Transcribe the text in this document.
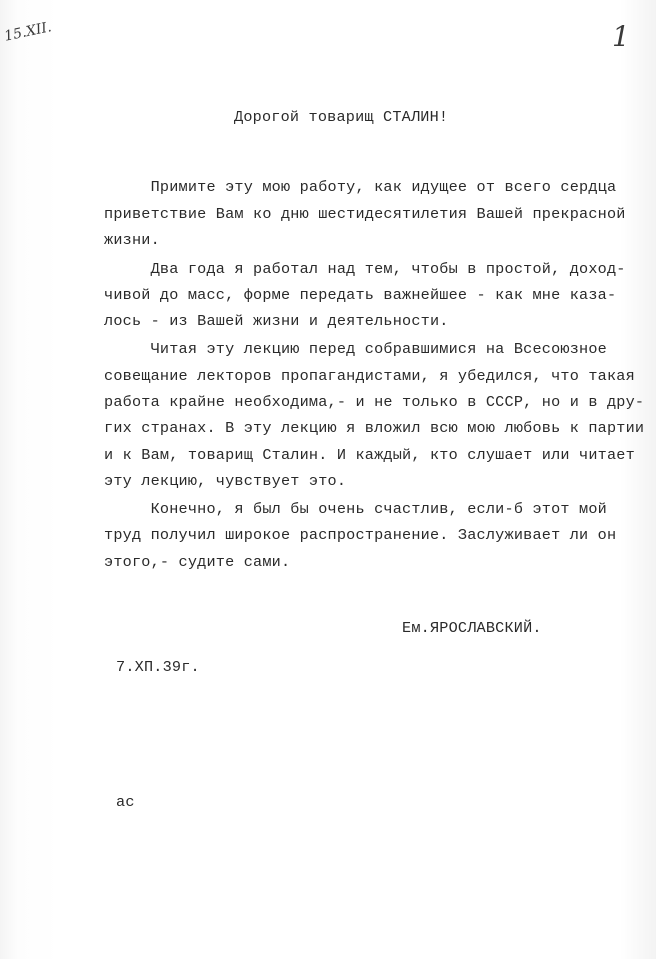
15.XII.	1
Дорогой товарищ СТАЛИН!

Примите эту мою работу, как идущее от всего сердца

приветствие Вам ко дню шестидесятилетия Вашей прекрасной

жизни.

Два года я работал над тем, чтобы в простой, доход-

чивой до масс, форме передать важнейшее - как мне каза-

лось - из Вашей жизни и деятельности.

Читая эту лекцию перед собравшимися на Всесоюзное

совещание лекторов пропагандистами, я убедился, что такая

работа крайне необходима,- и не только в СССР, но и в дру-

гих странах. В эту лекцию я вложил всю мою любовь к партии

и к Вам, товарищ Сталин. И каждый, кто слушает или читает

эту лекцию, чувствует это.

Конечно, я был бы очень счастлив, если-б этот мой

труд получил широкое распространение. Заслуживает ли он

этого,- судите сами.

Ем.ЯРОСЛАВСКИЙ.
7.ХП.39г.
ас
